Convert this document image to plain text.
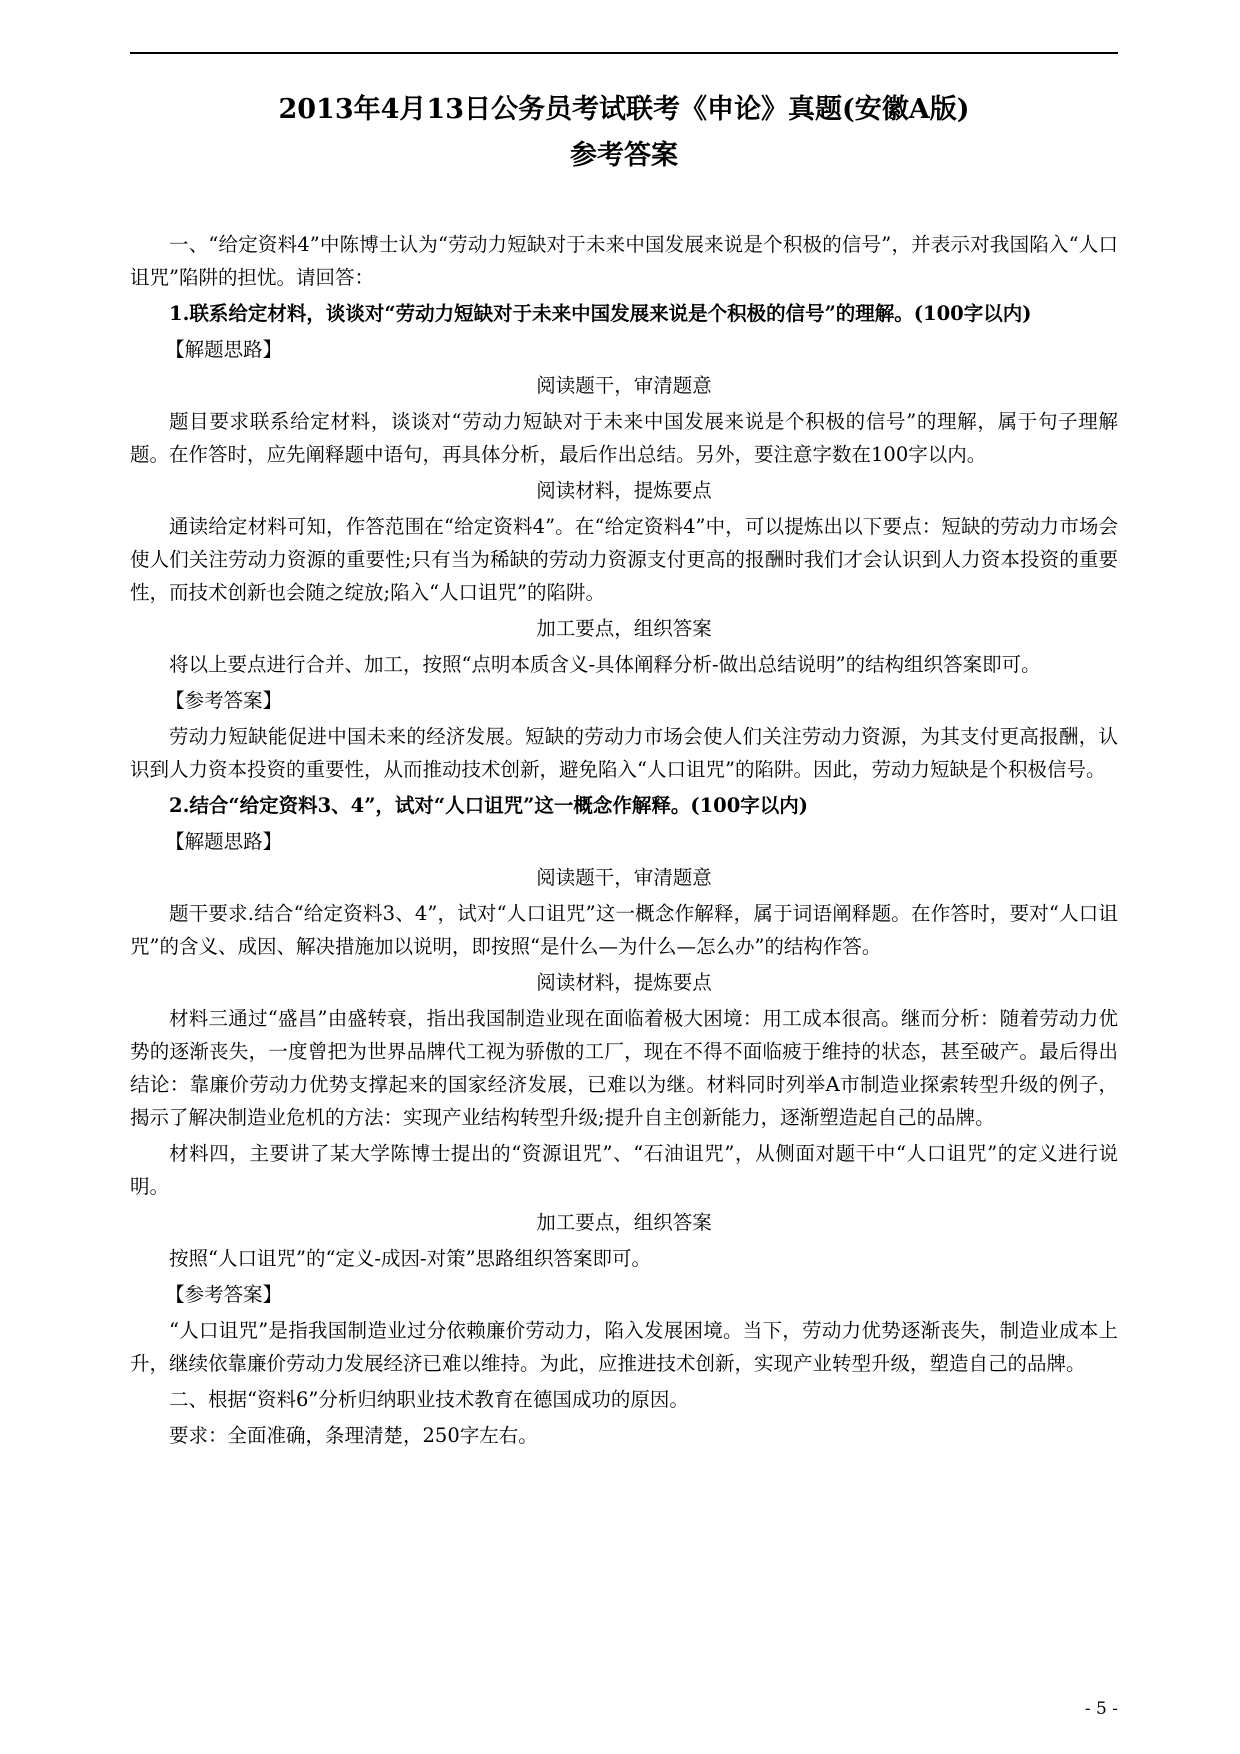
2013年4月13日公务员考试联考《申论》真题(安徽A版)
参考答案

一、“给定资料4”中陈博士认为“劳动力短缺对于未来中国发展来说是个积极的信号”，并表示对我国陷入“人口诅咒”陷阱的担忧。请回答：

1.联系给定材料，谈谈对“劳动力短缺对于未来中国发展来说是个积极的信号”的理解。(100字以内)

【解题思路】

阅读题干，审清题意

题目要求联系给定材料，谈谈对“劳动力短缺对于未来中国发展来说是个积极的信号”的理解，属于句子理解题。在作答时，应先阐释题中语句，再具体分析，最后作出总结。另外，要注意字数在100字以内。

阅读材料，提炼要点

通读给定材料可知，作答范围在“给定资料4”。在“给定资料4”中，可以提炼出以下要点：短缺的劳动力市场会使人们关注劳动力资源的重要性;只有当为稀缺的劳动力资源支付更高的报酬时我们才会认识到人力资本投资的重要性，而技术创新也会随之绽放;陷入“人口诅咒”的陷阱。

加工要点，组织答案

将以上要点进行合并、加工，按照“点明本质含义-具体阐释分析-做出总结说明”的结构组织答案即可。

【参考答案】

劳动力短缺能促进中国未来的经济发展。短缺的劳动力市场会使人们关注劳动力资源，为其支付更高报酬，认识到人力资本投资的重要性，从而推动技术创新，避免陷入“人口诅咒”的陷阱。因此，劳动力短缺是个积极信号。

2.结合“给定资料3、4”，试对“人口诅咒”这一概念作解释。(100字以内)

【解题思路】

阅读题干，审清题意

题干要求.结合“给定资料3、4”，试对“人口诅咒”这一概念作解释，属于词语阐释题。在作答时，要对“人口诅咒”的含义、成因、解决措施加以说明，即按照“是什么—为什么—怎么办”的结构作答。

阅读材料，提炼要点

材料三通过“盛昌”由盛转衰，指出我国制造业现在面临着极大困境：用工成本很高。继而分析：随着劳动力优势的逐渐丧失，一度曾把为世界品牌代工视为骄傲的工厂，现在不得不面临疲于维持的状态，甚至破产。最后得出结论：靠廉价劳动力优势支撑起来的国家经济发展，已难以为继。材料同时列举A市制造业探索转型升级的例子，揭示了解决制造业危机的方法：实现产业结构转型升级;提升自主创新能力，逐渐塑造起自己的品牌。

材料四，主要讲了某大学陈博士提出的“资源诅咒”、“石油诅咒”，从侧面对题干中“人口诅咒”的定义进行说明。

加工要点，组织答案

按照“人口诅咒”的“定义-成因-对策”思路组织答案即可。

【参考答案】

“人口诅咒”是指我国制造业过分依赖廉价劳动力，陷入发展困境。当下，劳动力优势逐渐丧失，制造业成本上升，继续依靠廉价劳动力发展经济已难以维持。为此，应推进技术创新，实现产业转型升级，塑造自己的品牌。

二、根据“资料6”分析归纳职业技术教育在德国成功的原因。

要求：全面准确，条理清楚，250字左右。

- 5 -
